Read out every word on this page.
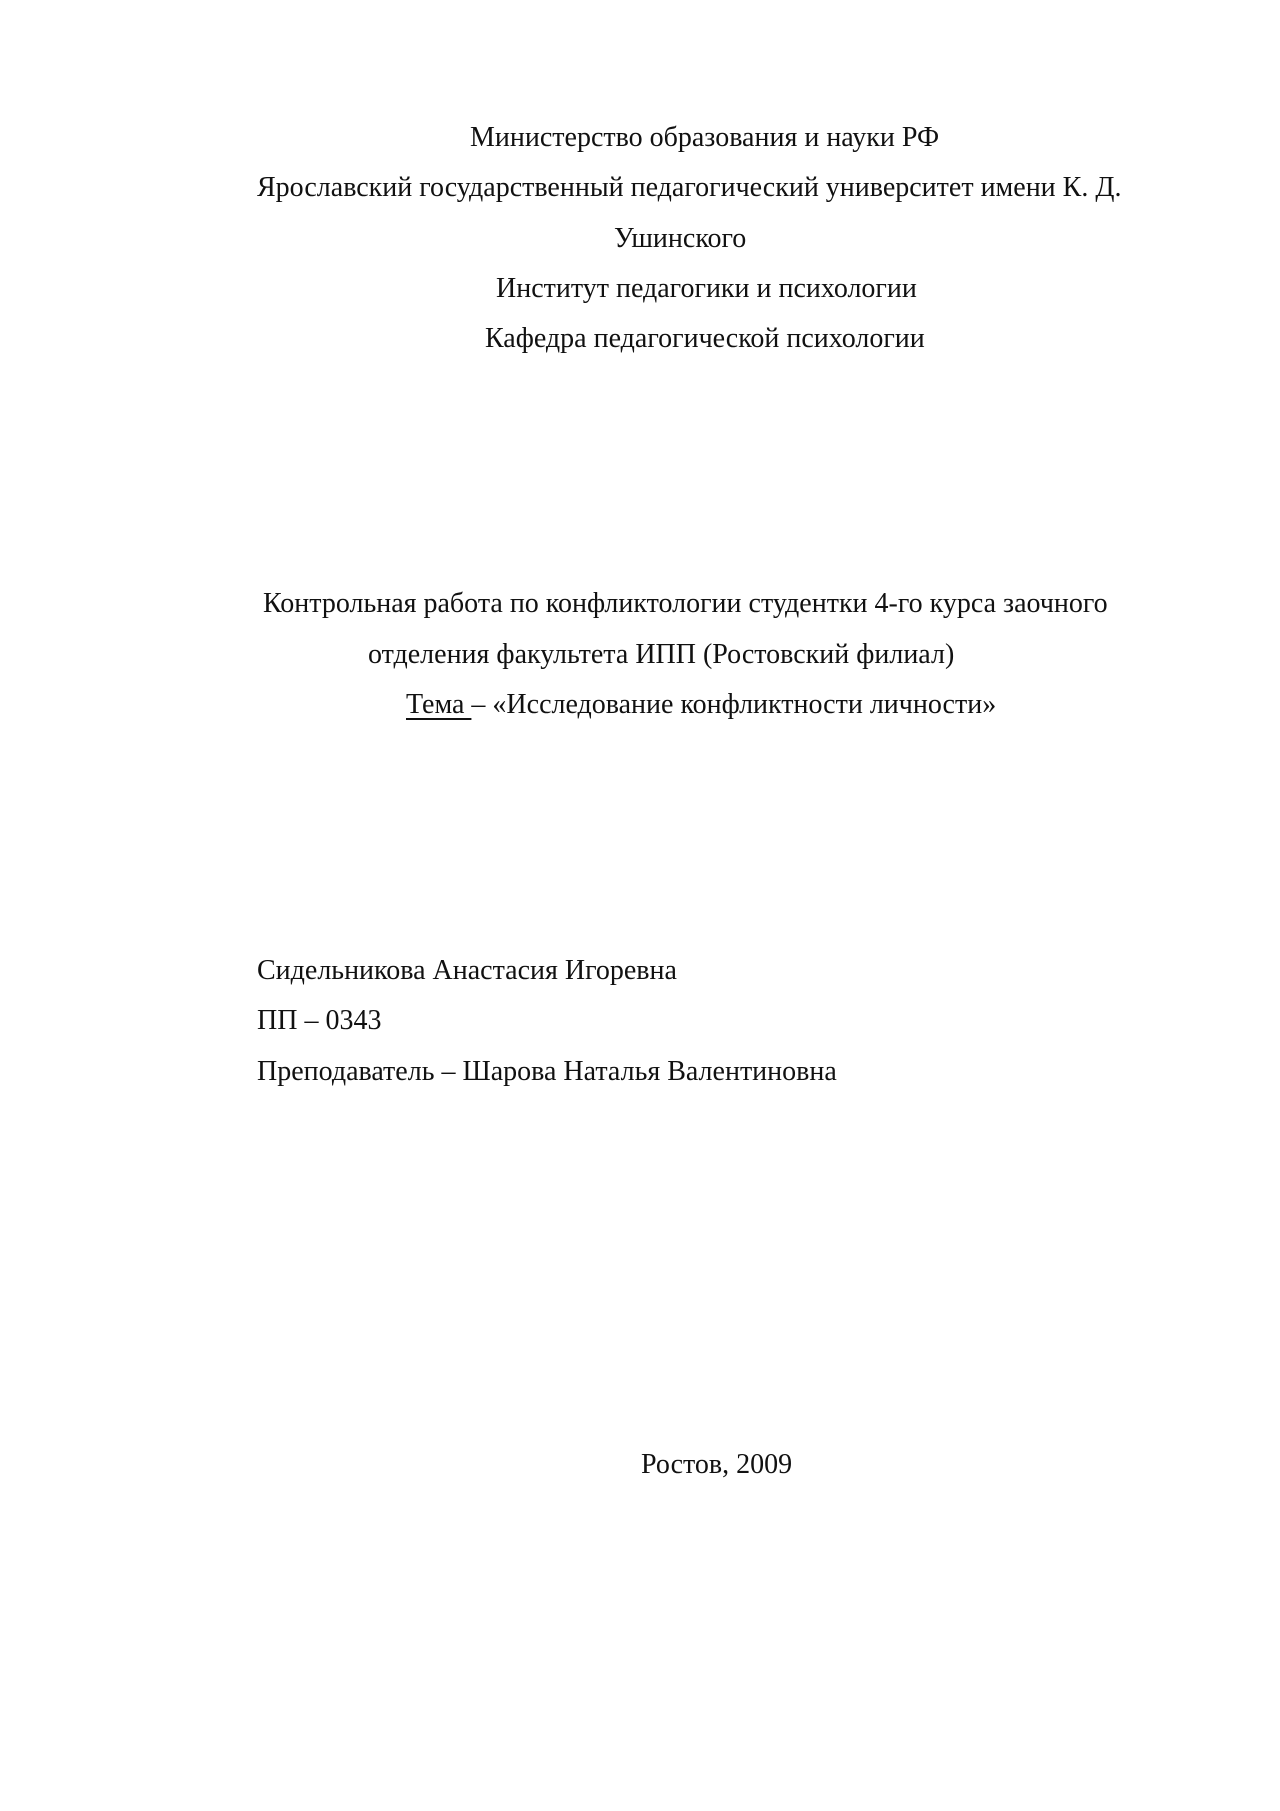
Министерство образования и науки РФ
Ярославский государственный педагогический университет имени К. Д.
Ушинского
Институт педагогики и психологии
Кафедра педагогической психологии
Контрольная работа по конфликтологии студентки 4-го курса заочного
отделения факультета ИПП (Ростовский филиал)
Тема – «Исследование конфликтности личности»
Сидельникова Анастасия Игоревна
ПП – 0343
Преподаватель – Шарова Наталья Валентиновна
Ростов, 2009
